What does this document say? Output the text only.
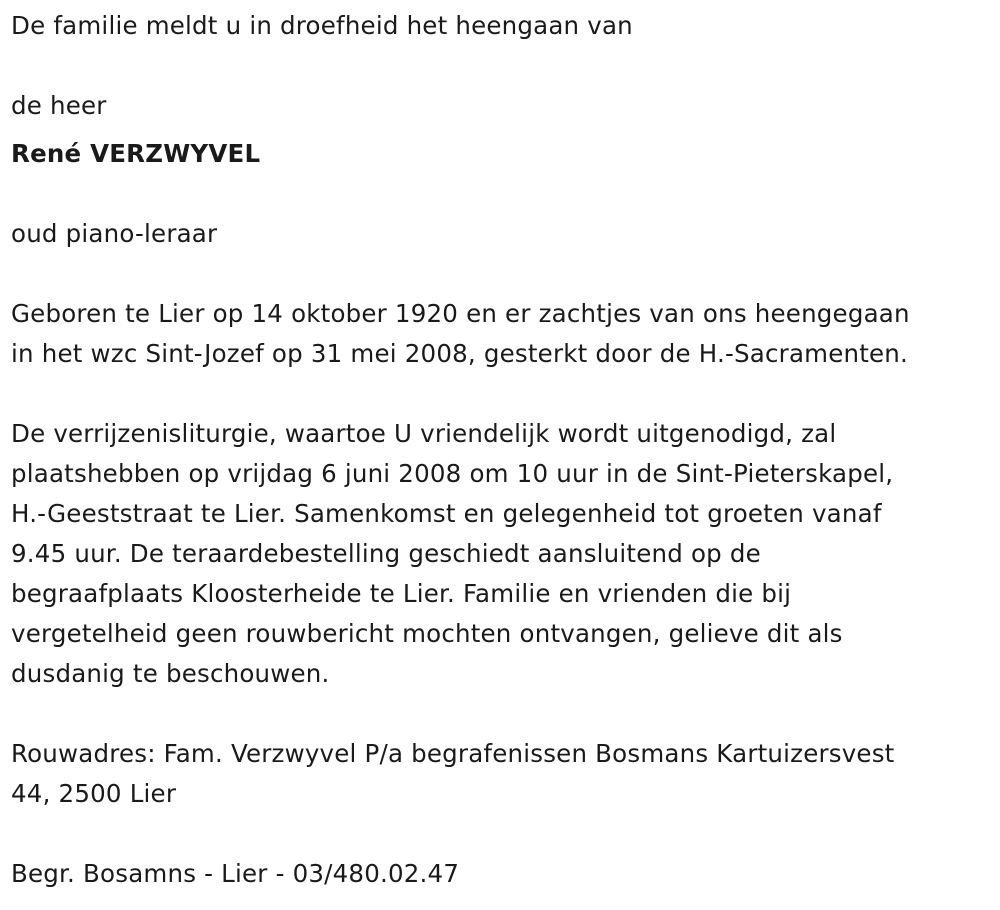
De familie meldt u in droefheid het heengaan van

de heer

René VERZWYVEL

oud piano-leraar

Geboren te Lier op 14 oktober 1920 en er zachtjes van ons heengegaan
in het wzc Sint-Jozef op 31 mei 2008, gesterkt door de H.-Sacramenten.

De verrijzenisliturgie, waartoe U vriendelijk wordt uitgenodigd, zal
plaatshebben op vrijdag 6 juni 2008 om 10 uur in de Sint-Pieterskapel,
H.-Geeststraat te Lier. Samenkomst en gelegenheid tot groeten vanaf
9.45 uur. De teraardebestelling geschiedt aansluitend op de
begraafplaats Kloosterheide te Lier. Familie en vrienden die bij
vergetelheid geen rouwbericht mochten ontvangen, gelieve dit als
dusdanig te beschouwen.

Rouwadres: Fam. Verzwyvel P/a begrafenissen Bosmans Kartuizersvest
44, 2500 Lier

Begr. Bosamns - Lier - 03/480.02.47
